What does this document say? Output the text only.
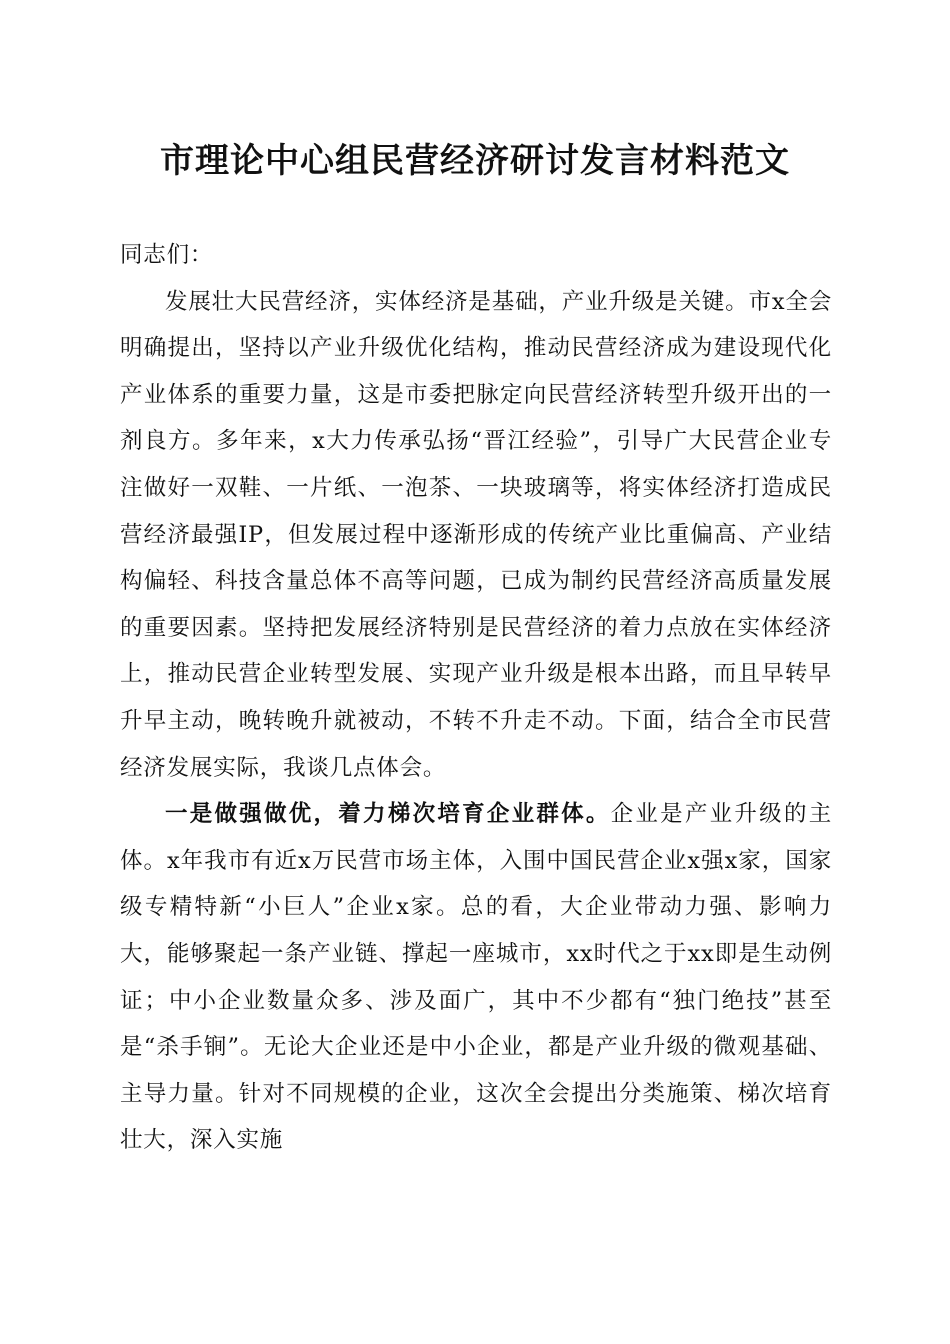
市理论中心组民营经济研讨发言材料范文

同志们：

发展壮大民营经济，实体经济是基础，产业升级是关键。市x全会明确提出，坚持以产业升级优化结构，推动民营经济成为建设现代化产业体系的重要力量，这是市委把脉定向民营经济转型升级开出的一剂良方。多年来，x大力传承弘扬“晋江经验”，引导广大民营企业专注做好一双鞋、一片纸、一泡茶、一块玻璃等，将实体经济打造成民营经济最强IP，但发展过程中逐渐形成的传统产业比重偏高、产业结构偏轻、科技含量总体不高等问题，已成为制约民营经济高质量发展的重要因素。坚持把发展经济特别是民营经济的着力点放在实体经济上，推动民营企业转型发展、实现产业升级是根本出路，而且早转早升早主动，晚转晚升就被动，不转不升走不动。下面，结合全市民营经济发展实际，我谈几点体会。

一是做强做优，着力梯次培育企业群体。企业是产业升级的主体。x年我市有近x万民营市场主体，入围中国民营企业x强x家，国家级专精特新“小巨人”企业x家。总的看，大企业带动力强、影响力大，能够聚起一条产业链、撑起一座城市，xx时代之于xx即是生动例证；中小企业数量众多、涉及面广，其中不少都有“独门绝技”甚至是“杀手锏”。无论大企业还是中小企业，都是产业升级的微观基础、主导力量。针对不同规模的企业，这次全会提出分类施策、梯次培育壮大，深入实施
